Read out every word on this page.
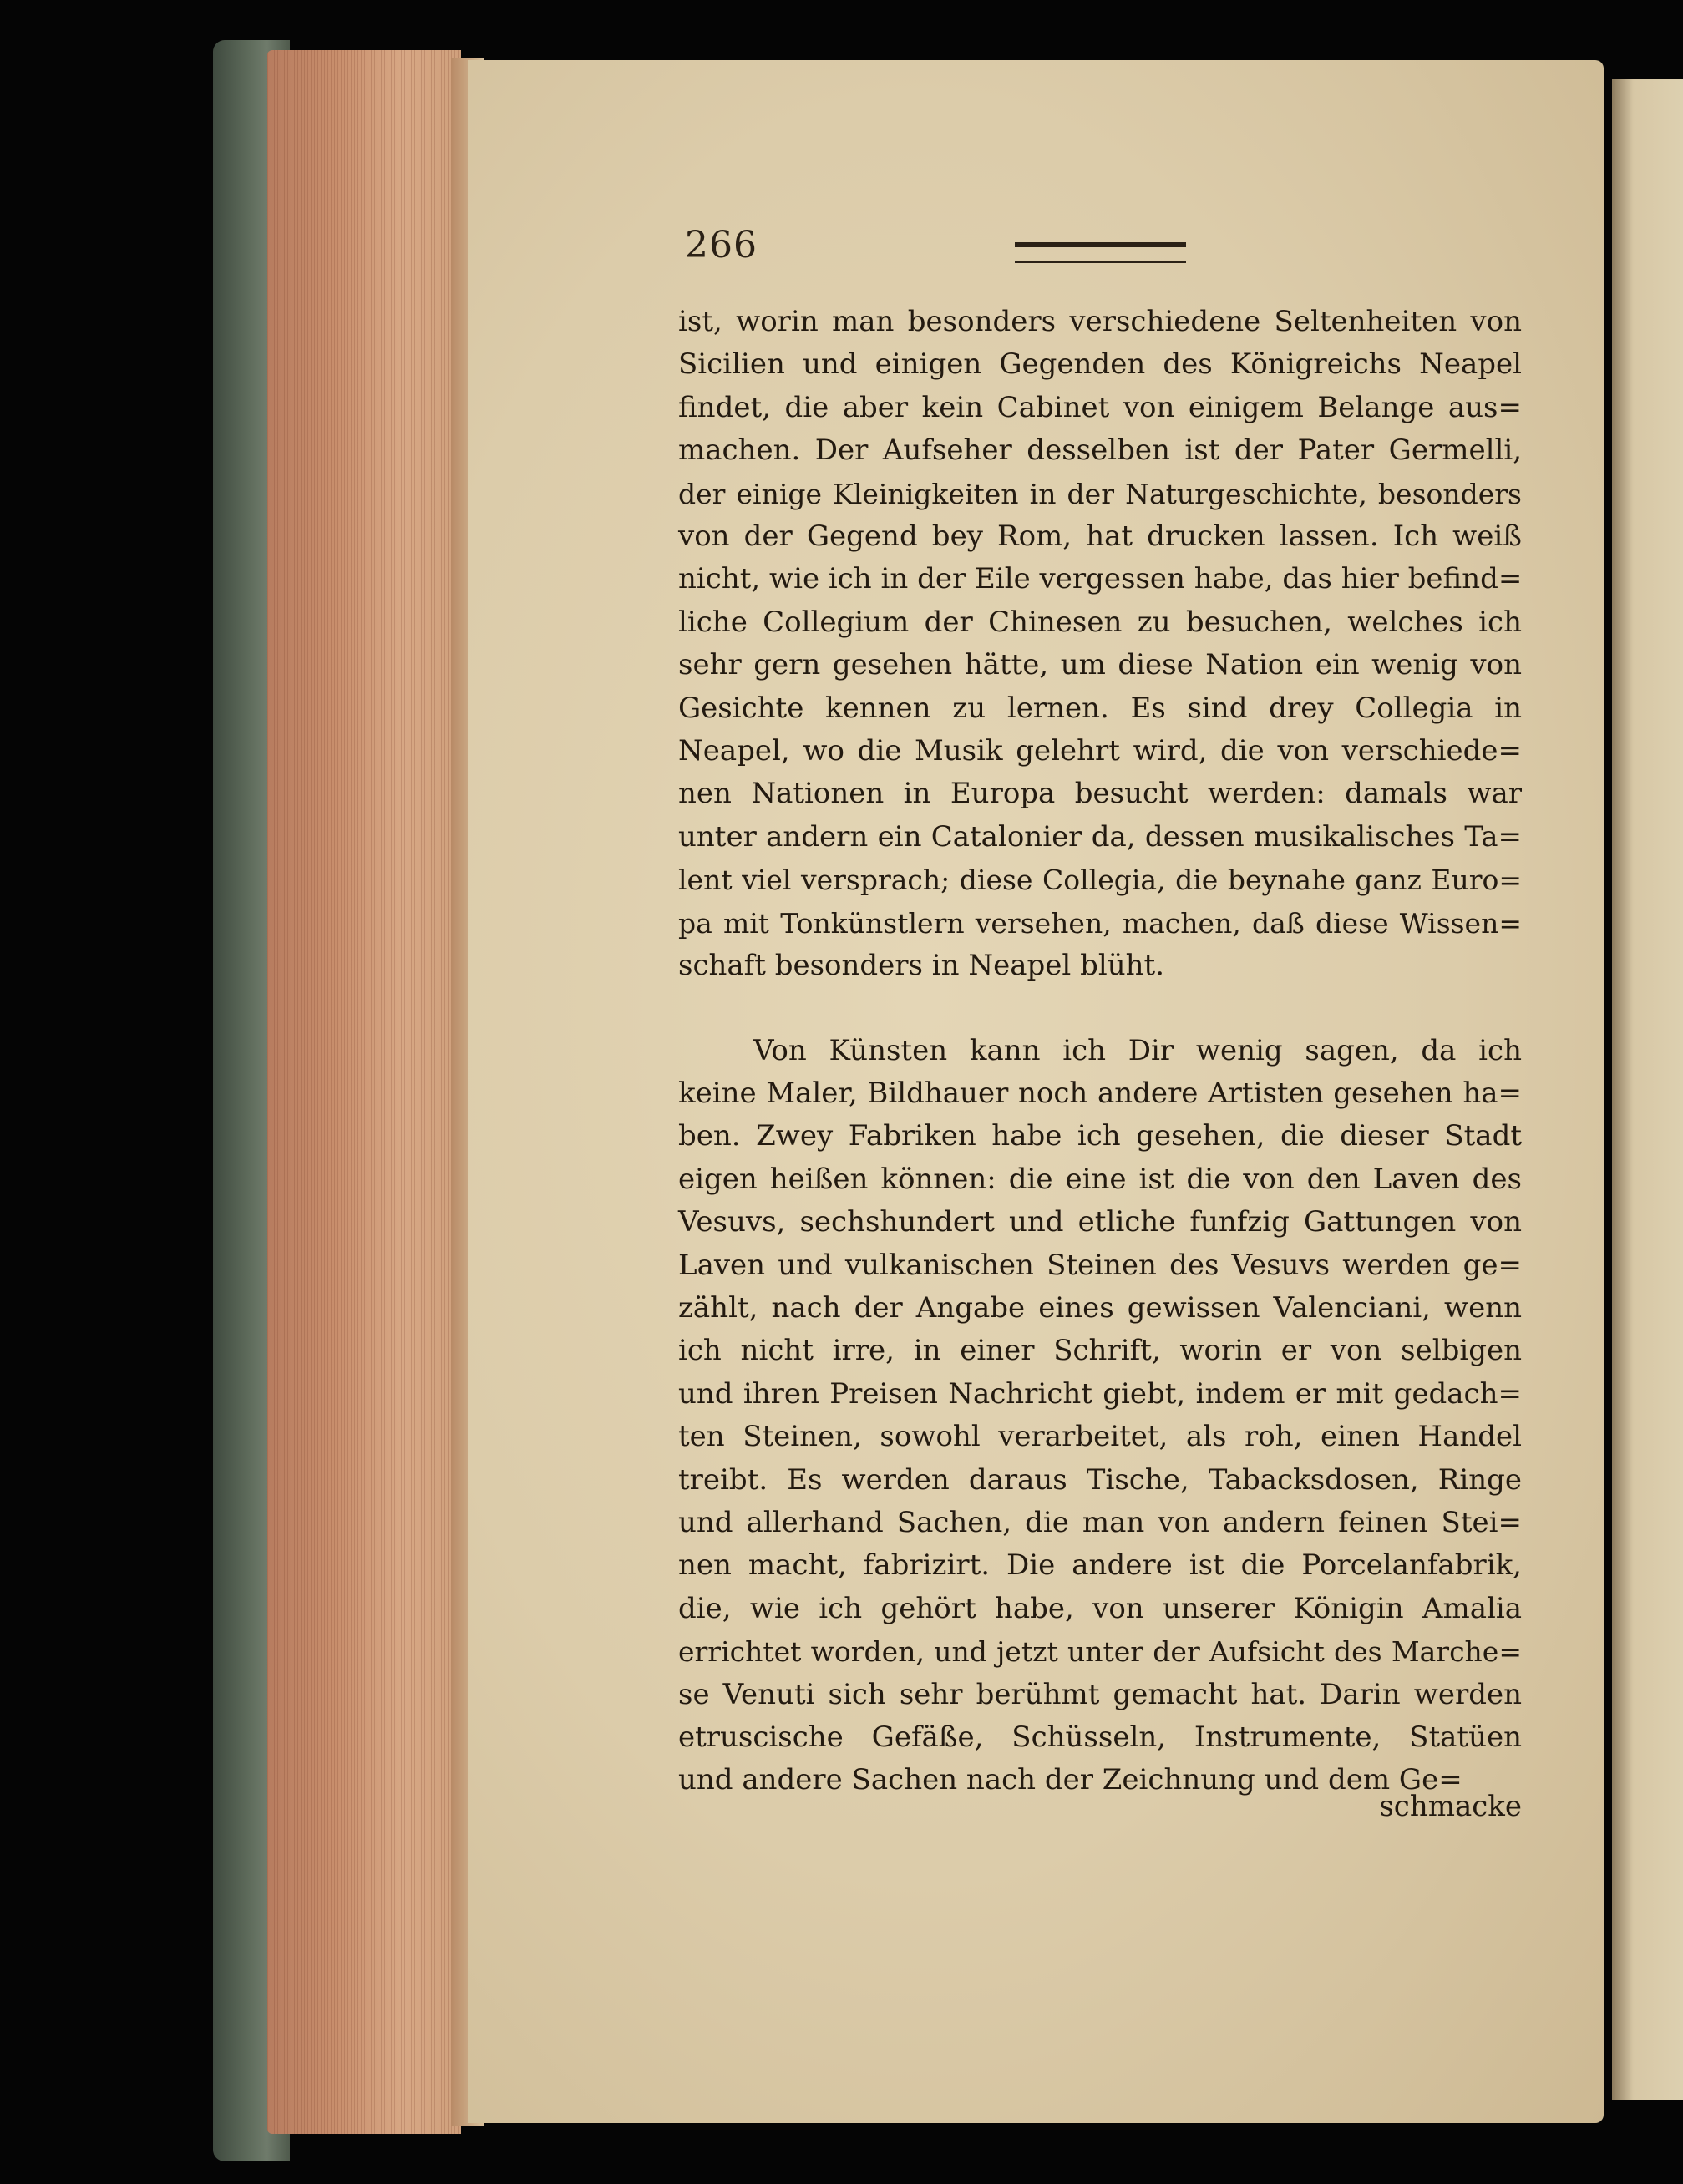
266
ist, worin man besonders verschiedene Seltenheiten von
Sicilien und einigen Gegenden des Königreichs Neapel
findet, die aber kein Cabinet von einigem Belange aus=
machen. Der Aufseher desselben ist der Pater Germelli,
der einige Kleinigkeiten in der Naturgeschichte, besonders
von der Gegend bey Rom, hat drucken lassen. Ich weiß
nicht, wie ich in der Eile vergessen habe, das hier befind=
liche Collegium der Chinesen zu besuchen, welches ich
sehr gern gesehen hätte, um diese Nation ein wenig von
Gesichte kennen zu lernen. Es sind drey Collegia in
Neapel, wo die Musik gelehrt wird, die von verschiede=
nen Nationen in Europa besucht werden: damals war
unter andern ein Catalonier da, dessen musikalisches Ta=
lent viel versprach; diese Collegia, die beynahe ganz Euro=
pa mit Tonkünstlern versehen, machen, daß diese Wissen=
schaft besonders in Neapel blüht.
Von Künsten kann ich Dir wenig sagen, da ich
keine Maler, Bildhauer noch andere Artisten gesehen ha=
ben. Zwey Fabriken habe ich gesehen, die dieser Stadt
eigen heißen können: die eine ist die von den Laven des
Vesuvs, sechshundert und etliche funfzig Gattungen von
Laven und vulkanischen Steinen des Vesuvs werden ge=
zählt, nach der Angabe eines gewissen Valenciani, wenn
ich nicht irre, in einer Schrift, worin er von selbigen
und ihren Preisen Nachricht giebt, indem er mit gedach=
ten Steinen, sowohl verarbeitet, als roh, einen Handel
treibt. Es werden daraus Tische, Tabacksdosen, Ringe
und allerhand Sachen, die man von andern feinen Stei=
nen macht, fabrizirt. Die andere ist die Porcelanfabrik,
die, wie ich gehört habe, von unserer Königin Amalia
errichtet worden, und jetzt unter der Aufsicht des Marche=
se Venuti sich sehr berühmt gemacht hat. Darin werden
etruscische Gefäße, Schüsseln, Instrumente, Statüen
und andere Sachen nach der Zeichnung und dem Ge=
schmacke
